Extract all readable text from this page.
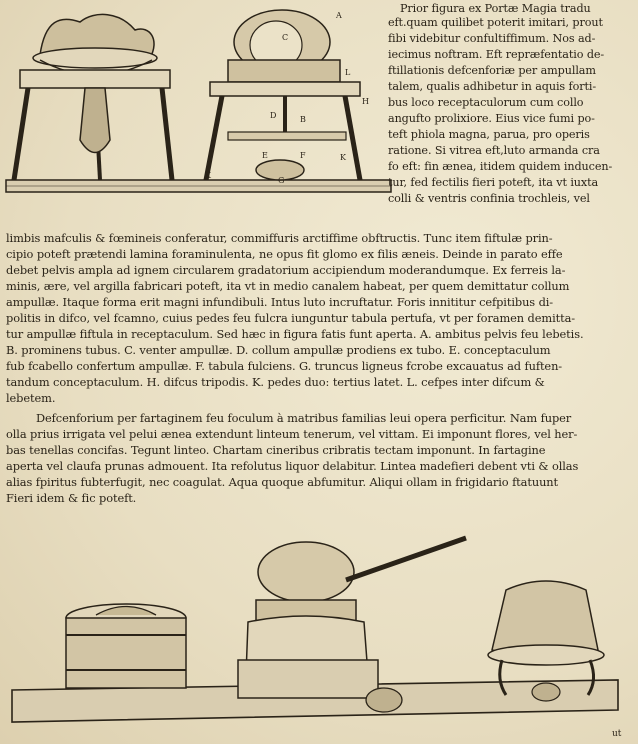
A
C
L
H
D	B
E	F	K
K
G
Prior figura ex Portæ Magia tradu
eft.quam quilibet poterit imitari, prout
fibi videbitur confultiffimum. Nos ad-
iecimus noftram. Eft repræfentatio de-
ftillationis defcenforiæ per ampullam
talem, qualis adhibetur in aquis forti-
bus loco receptaculorum cum collo
angufto prolixiore. Eius vice fumi po-
teft phiola magna, parua, pro operis
ratione. Si vitrea eft,luto armanda cra
fo eft: fin ænea, itidem quidem inducen-
tur, fed fectilis fieri poteft, ita vt iuxta
colli & ventris confinia trochleis, vel
limbis mafculis & fœmineis conferatur, commiffuris arctiffime obftructis. Tunc item fiftulæ prin-
cipio poteft prætendi lamina foraminulenta, ne opus fit glomo ex filis æneis. Deinde in parato effe
debet pelvis ampla ad ignem circularem gradatorium accipiendum moderandumque. Ex ferreis la-
minis, ære, vel argilla fabricari poteft, ita vt in medio canalem habeat, per quem demittatur collum
ampullæ. Itaque forma erit magni infundibuli. Intus luto incruftatur. Foris innititur cefpitibus di-
politis in difco, vel fcamno, cuius pedes feu fulcra iunguntur tabula pertufa, vt per foramen demitta-
tur ampullæ fiftula in receptaculum. Sed hæc in figura fatis funt aperta. A. ambitus pelvis feu lebetis.
B. prominens tubus. C. venter ampullæ. D. collum ampullæ prodiens ex tubo. E. conceptaculum
fub fcabello confertum ampullæ. F. tabula fulciens. G. truncus ligneus fcrobe excauatus ad fuften-
tandum conceptaculum. H. difcus tripodis. K. pedes duo: tertius latet. L. cefpes inter difcum &
lebetem.
Defcenforium per fartaginem feu foculum à matribus familias leui opera perficitur. Nam fuper
olla prius irrigata vel pelui ænea extendunt linteum tenerum, vel vittam. Ei imponunt flores, vel her-
bas tenellas concifas. Tegunt linteo. Chartam cineribus cribratis tectam imponunt. In fartagine
aperta vel claufa prunas admouent. Ita refolutus liquor delabitur. Lintea madefieri debent vti & ollas
alias fpiritus fubterfugit, nec coagulat. Aqua quoque abfumitur. Aliqui ollam in frigidario ftatuunt
Fieri idem & fic poteft.
ut
